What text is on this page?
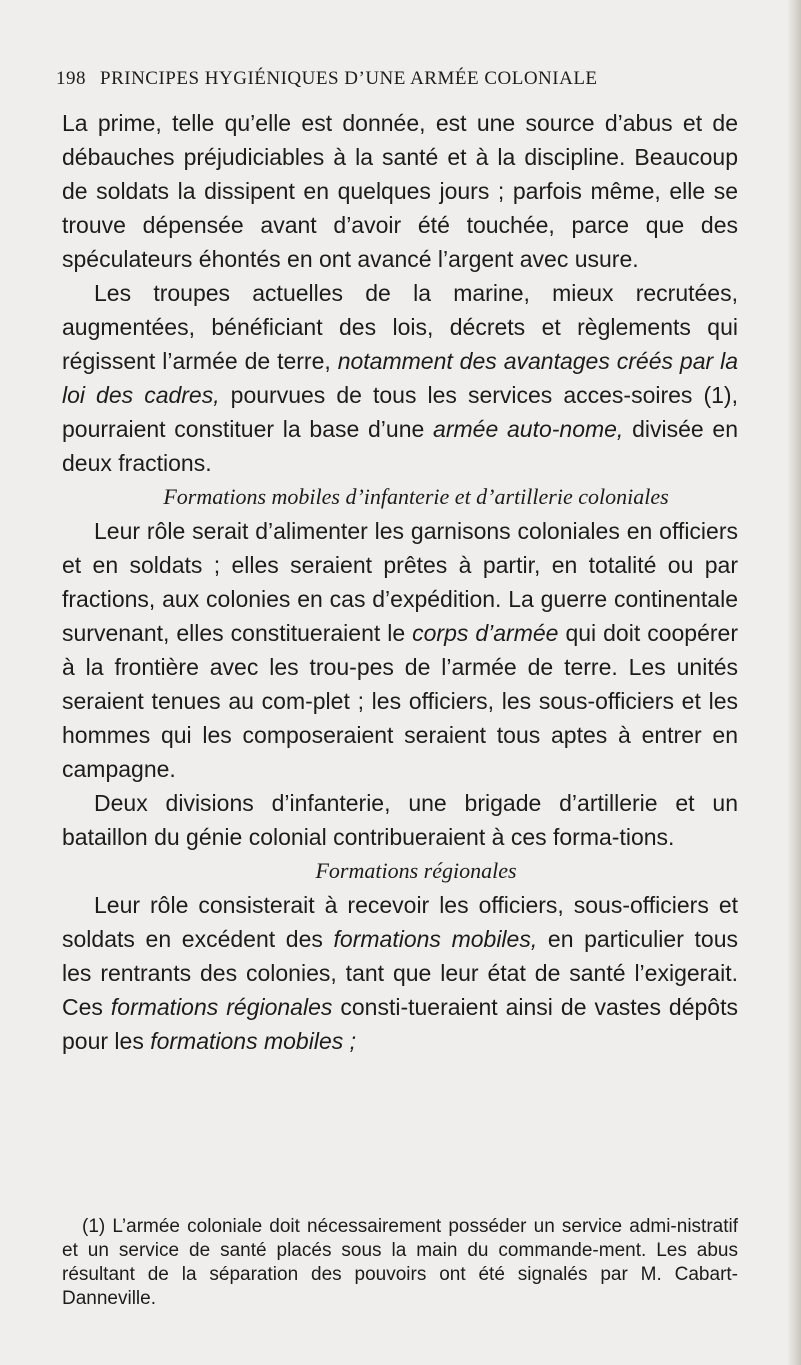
198 PRINCIPES HYGIÉNIQUES D’UNE ARMÉE COLONIALE

La prime, telle qu’elle est donnée, est une source d’abus et de débauches préjudiciables à la santé et à la discipline. Beaucoup de soldats la dissipent en quelques jours ; parfois même, elle se trouve dépensée avant d’avoir été touchée, parce que des spéculateurs éhontés en ont avancé l’argent avec usure.

Les troupes actuelles de la marine, mieux recrutées, augmentées, bénéficiant des lois, décrets et règlements qui régissent l’armée de terre, notamment des avantages créés par la loi des cadres, pourvues de tous les services acces-soires (1), pourraient constituer la base d’une armée auto-nome, divisée en deux fractions.

Formations mobiles d’infanterie et d’artillerie coloniales

Leur rôle serait d’alimenter les garnisons coloniales en officiers et en soldats ; elles seraient prêtes à partir, en totalité ou par fractions, aux colonies en cas d’expédition. La guerre continentale survenant, elles constitueraient le corps d’armée qui doit coopérer à la frontière avec les trou-pes de l’armée de terre. Les unités seraient tenues au com-plet ; les officiers, les sous-officiers et les hommes qui les composeraient seraient tous aptes à entrer en campagne.

Deux divisions d’infanterie, une brigade d’artillerie et un bataillon du génie colonial contribueraient à ces forma-tions.

Formations régionales

Leur rôle consisterait à recevoir les officiers, sous-officiers et soldats en excédent des formations mobiles, en particulier tous les rentrants des colonies, tant que leur état de santé l’exigerait. Ces formations régionales consti-tueraient ainsi de vastes dépôts pour les formations mobiles ;

(1) L’armée coloniale doit nécessairement posséder un service admi-nistratif et un service de santé placés sous la main du commande-ment. Les abus résultant de la séparation des pouvoirs ont été signalés par M. Cabart-Danneville.
